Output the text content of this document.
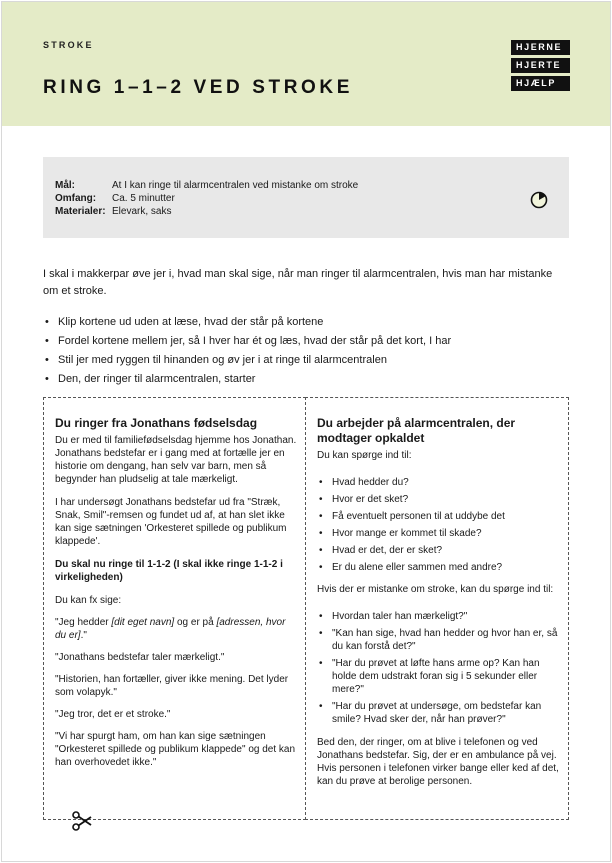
STROKE
RING 1–1–2 VED STROKE
HJERNE
HJERTE
HJÆLP
Mål:	At I kan ringe til alarmcentralen ved mistanke om stroke
Omfang: Ca. 5 minutter
Materialer: Elevark, saks
I skal i makkerpar øve jer i, hvad man skal sige, når man ringer til alarmcentralen, hvis man har mistanke om et stroke.
• Klip kortene ud uden at læse, hvad der står på kortene
• Fordel kortene mellem jer, så I hver har ét og læs, hvad der står på det kort, I har
• Stil jer med ryggen til hinanden og øv jer i at ringe til alarmcentralen
• Den, der ringer til alarmcentralen, starter
Du ringer fra Jonathans fødselsdag
Du er med til familiefødselsdag hjemme hos Jonathan. Jonathans bedstefar er i gang med at fortælle jer en historie om dengang, han selv var barn, men så begynder han pludselig at tale mærkeligt.
I har undersøgt Jonathans bedstefar ud fra "Stræk, Snak, Smil"-remsen og fundet ud af, at han slet ikke kan sige sætningen 'Orkesteret spillede og publikum klappede'.
Du skal nu ringe til 1-1-2 (I skal ikke ringe 1-1-2 i virkeligheden)
Du kan fx sige:
"Jeg hedder [dit eget navn] og er på [adressen, hvor du er]."
"Jonathans bedstefar taler mærkeligt."
"Historien, han fortæller, giver ikke mening. Det lyder som volapyk."
"Jeg tror, det er et stroke."
"Vi har spurgt ham, om han kan sige sætningen "Orkesteret spillede og publikum klappede" og det kan han overhovedet ikke."
Du arbejder på alarmcentralen, der modtager opkaldet
Du kan spørge ind til:
• Hvad hedder du?
• Hvor er det sket?
• Få eventuelt personen til at uddybe det
• Hvor mange er kommet til skade?
• Hvad er det, der er sket?
• Er du alene eller sammen med andre?
Hvis der er mistanke om stroke, kan du spørge ind til:
• Hvordan taler han mærkeligt?"
• "Kan han sige, hvad han hedder og hvor han er, så du kan forstå det?"
• "Har du prøvet at løfte hans arme op? Kan han holde dem udstrakt foran sig i 5 sekunder eller mere?"
• "Har du prøvet at undersøge, om bedstefar kan smile? Hvad sker der, når han prøver?"
Bed den, der ringer, om at blive i telefonen og ved Jonathans bedstefar. Sig, der er en ambulance på vej. Hvis personen i telefonen virker bange eller ked af det, kan du prøve at berolige personen.
